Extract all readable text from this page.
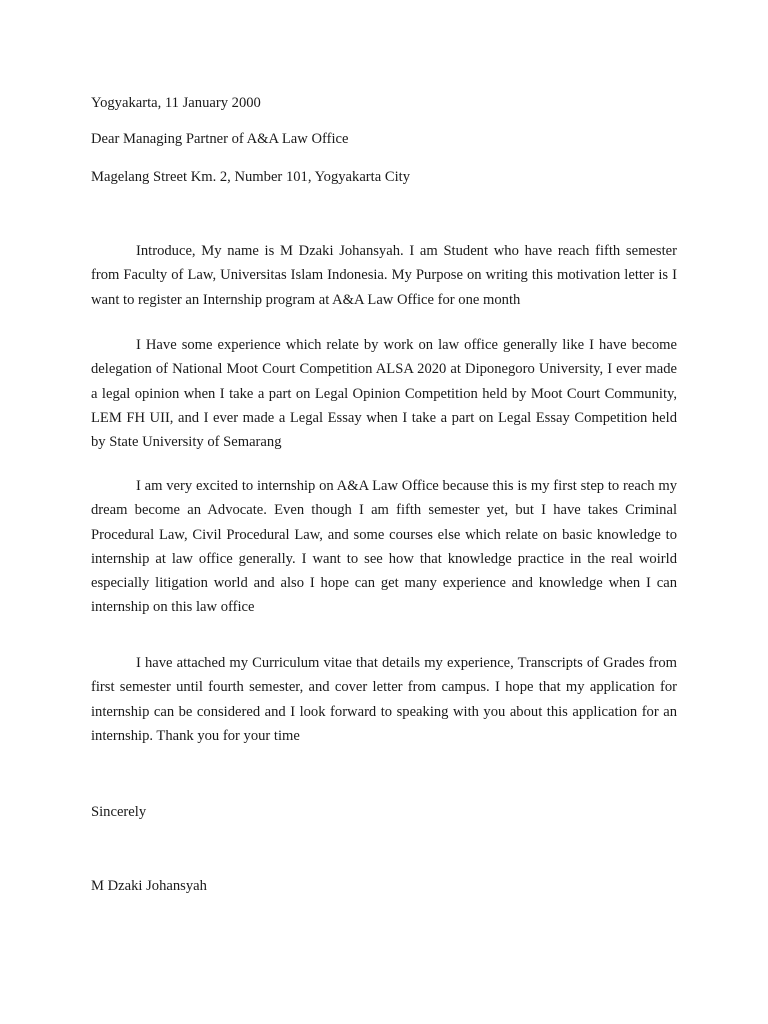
Yogyakarta, 11 January 2000
Dear Managing Partner of A&A Law Office
Magelang Street Km. 2, Number 101, Yogyakarta City

Introduce, My name is M Dzaki Johansyah. I am Student who have reach fifth semester from Faculty of Law, Universitas Islam Indonesia. My Purpose on writing this motivation letter is I want to register an Internship program at A&A Law Office for one month

I Have some experience which relate by work on law office generally like I have become delegation of National Moot Court Competition ALSA 2020 at Diponegoro University, I ever made a legal opinion when I take a part on Legal Opinion Competition held by Moot Court Community, LEM FH UII, and I ever made a Legal Essay when I take a part on Legal Essay Competition held by State University of Semarang

I am very excited to internship on A&A Law Office because this is my first step to reach my dream become an Advocate. Even though I am fifth semester yet, but I have takes Criminal Procedural Law, Civil Procedural Law, and some courses else which relate on basic knowledge to internship at law office generally. I want to see how that knowledge practice in the real woirld especially litigation world and also I hope can get many experience and knowledge when I can internship on this law office

I have attached my Curriculum vitae that details my experience, Transcripts of Grades from first semester until fourth semester, and cover letter from campus. I hope that my application for internship can be considered and I look forward to speaking with you about this application for an internship. Thank you for your time

Sincerely
M Dzaki Johansyah
